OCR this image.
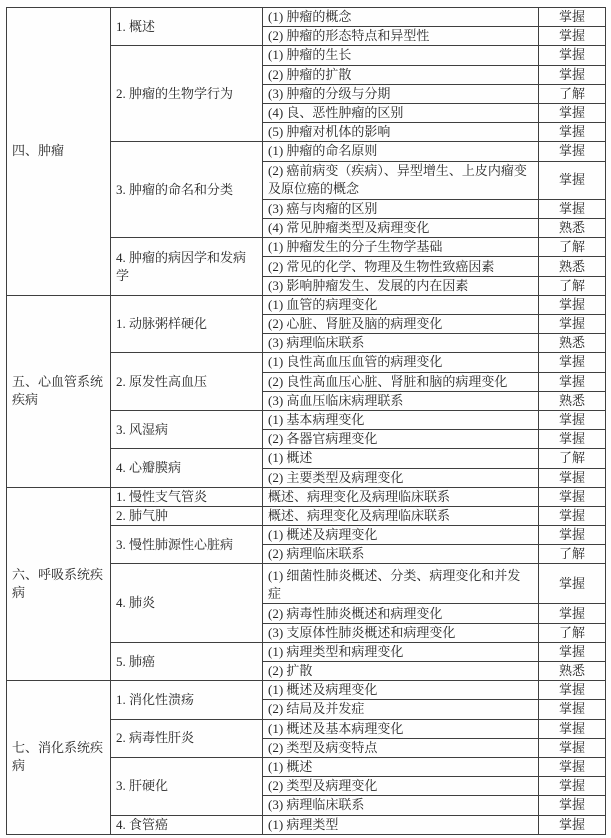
四、肿瘤	1. 概述	(1) 肿瘤的概念	掌握
		(2) 肿瘤的形态特点和异型性	掌握
	2. 肿瘤的生物学行为	(1) 肿瘤的生长	掌握
		(2) 肿瘤的扩散	掌握
		(3) 肿瘤的分级与分期	了解
		(4) 良、恶性肿瘤的区别	掌握
		(5) 肿瘤对机体的影响	掌握
	3. 肿瘤的命名和分类	(1) 肿瘤的命名原则	掌握
		(2) 癌前病变（疾病）、异型增生、上皮内瘤变及原位癌的概念	掌握
		(3) 癌与肉瘤的区别	掌握
		(4) 常见肿瘤类型及病理变化	熟悉
	4. 肿瘤的病因学和发病学	(1) 肿瘤发生的分子生物学基础	了解
		(2) 常见的化学、物理及生物性致癌因素	熟悉
		(3) 影响肿瘤发生、发展的内在因素	了解
五、心血管系统疾病	1. 动脉粥样硬化	(1) 血管的病理变化	掌握
		(2) 心脏、肾脏及脑的病理变化	掌握
		(3) 病理临床联系	熟悉
	2. 原发性高血压	(1) 良性高血压血管的病理变化	掌握
		(2) 良性高血压心脏、肾脏和脑的病理变化	掌握
		(3) 高血压临床病理联系	熟悉
	3. 风湿病	(1) 基本病理变化	掌握
		(2) 各器官病理变化	掌握
	4. 心瓣膜病	(1) 概述	了解
		(2) 主要类型及病理变化	掌握
六、呼吸系统疾病	1. 慢性支气管炎	概述、病理变化及病理临床联系	掌握
	2. 肺气肿	概述、病理变化及病理临床联系	掌握
	3. 慢性肺源性心脏病	(1) 概述及病理变化	掌握
		(2) 病理临床联系	了解
	4. 肺炎	(1) 细菌性肺炎概述、分类、病理变化和并发症	掌握
		(2) 病毒性肺炎概述和病理变化	掌握
		(3) 支原体性肺炎概述和病理变化	了解
	5. 肺癌	(1) 病理类型和病理变化	掌握
		(2) 扩散	熟悉
七、消化系统疾病	1. 消化性溃疡	(1) 概述及病理变化	掌握
		(2) 结局及并发症	掌握
	2. 病毒性肝炎	(1) 概述及基本病理变化	掌握
		(2) 类型及病变特点	掌握
	3. 肝硬化	(1) 概述	掌握
		(2) 类型及病理变化	掌握
		(3) 病理临床联系	掌握
	4. 食管癌	(1) 病理类型	掌握
